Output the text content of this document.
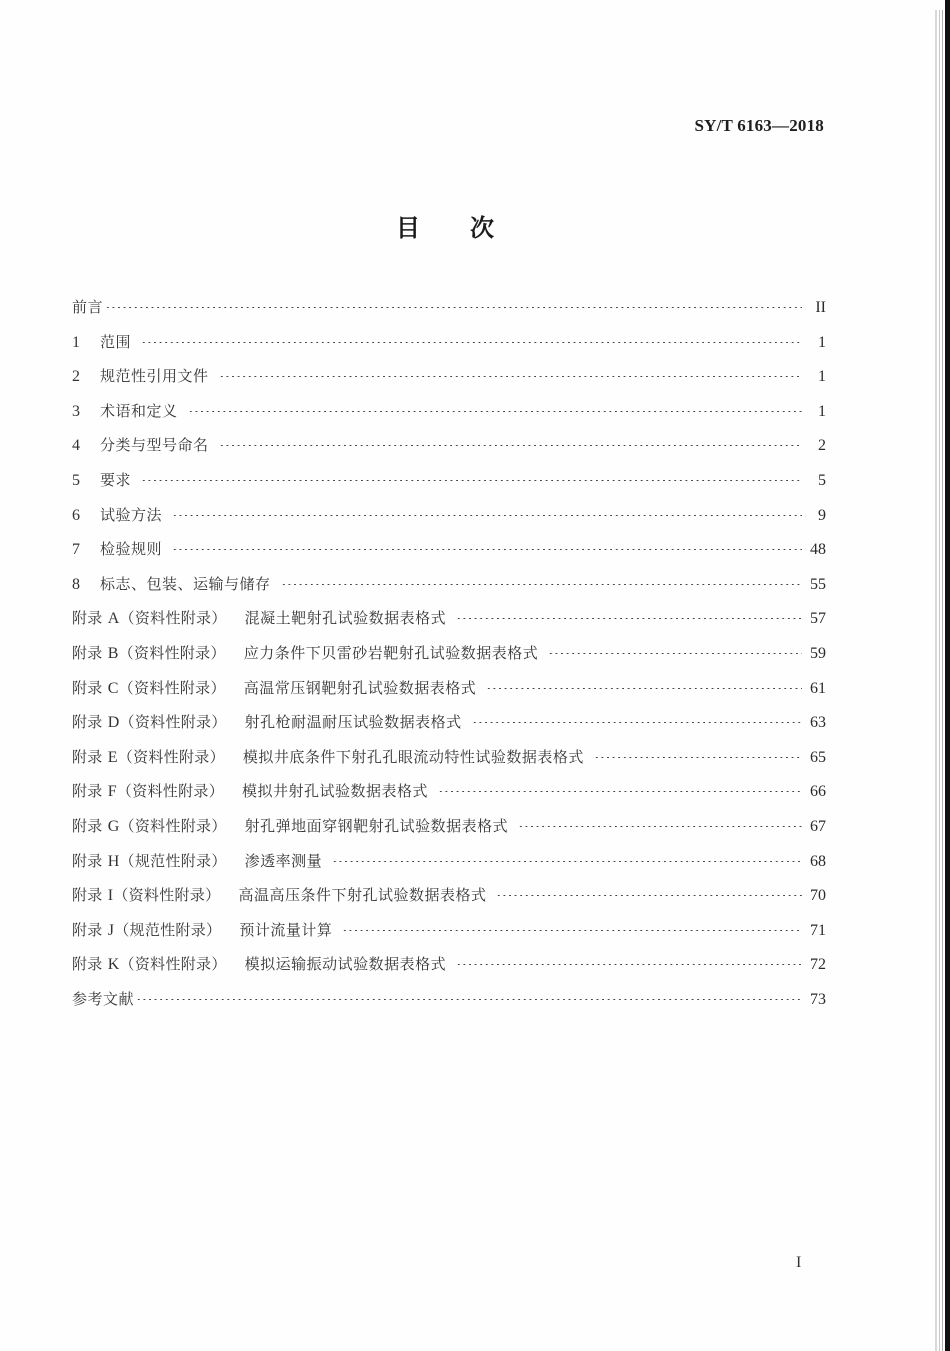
SY/T 6163—2018
目次
前言	II
1	范围	1
2	规范性引用文件	1
3	术语和定义	1
4	分类与型号命名	2
5	要求	5
6	试验方法	9
7	检验规则	48
8	标志、包装、运输与储存	55
附录 A（资料性附录） 混凝土靶射孔试验数据表格式	57
附录 B（资料性附录） 应力条件下贝雷砂岩靶射孔试验数据表格式	59
附录 C（资料性附录） 高温常压钢靶射孔试验数据表格式	61
附录 D（资料性附录） 射孔枪耐温耐压试验数据表格式	63
附录 E（资料性附录） 模拟井底条件下射孔孔眼流动特性试验数据表格式	65
附录 F（资料性附录） 模拟井射孔试验数据表格式	66
附录 G（资料性附录） 射孔弹地面穿钢靶射孔试验数据表格式	67
附录 H（规范性附录） 渗透率测量	68
附录 I（资料性附录） 高温高压条件下射孔试验数据表格式	70
附录 J（规范性附录） 预计流量计算	71
附录 K（资料性附录） 模拟运输振动试验数据表格式	72
参考文献	73
I
